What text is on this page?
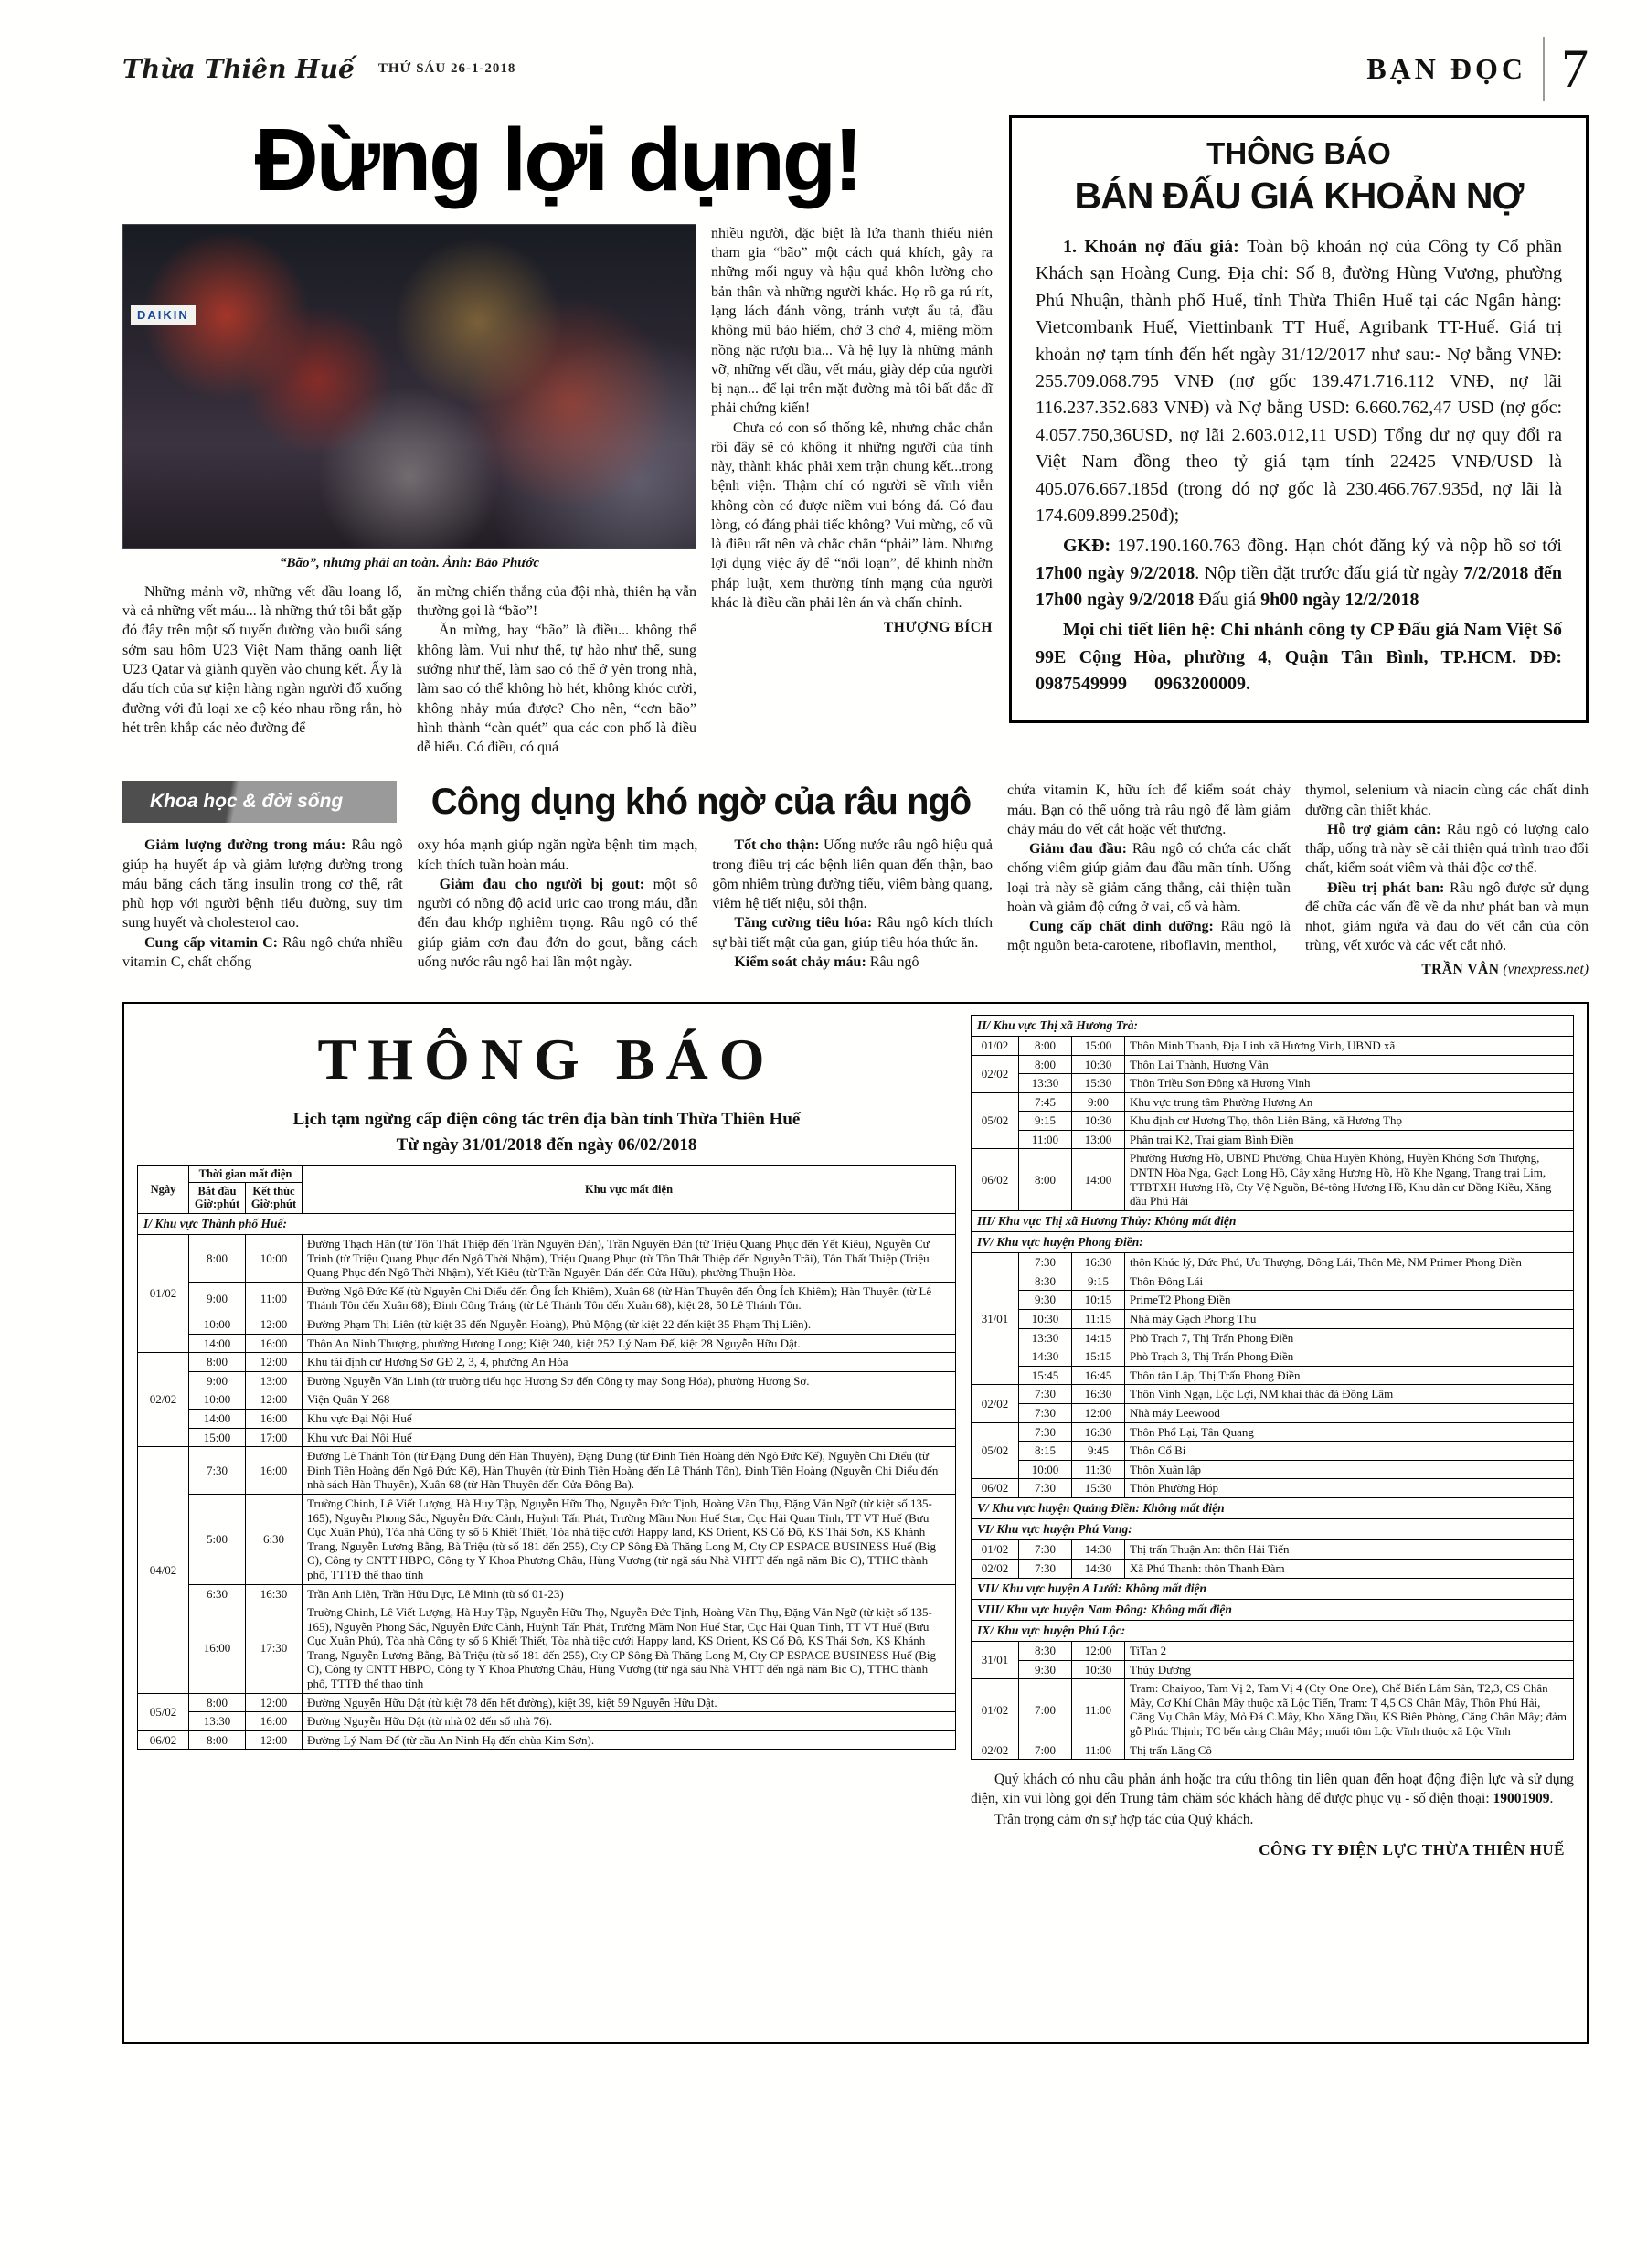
Thừa Thiên Huế THỨ SÁU 26-1-2018	BẠN ĐỌC 7
Đừng lợi dụng!
DAIKIN
“Bão”, nhưng phải an toàn. Ảnh: Bảo Phước

Những mảnh vỡ, những vết dầu loang lổ, và cả những vết máu... là những thứ tôi bắt gặp đó đây trên một số tuyến đường vào buổi sáng sớm sau hôm U23 Việt Nam thắng oanh liệt U23 Qatar và giành quyền vào chung kết. Ấy là dấu tích của sự kiện hàng ngàn người đổ xuống đường với đủ loại xe cộ kéo nhau rồng rắn, hò hét trên khắp các nẻo đường để

ăn mừng chiến thắng của đội nhà, thiên hạ vẫn thường gọi là “bão”!

Ăn mừng, hay “bão” là điều... không thể không làm. Vui như thế, tự hào như thế, sung sướng như thế, làm sao có thể ở yên trong nhà, làm sao có thể không hò hét, không khóc cười, không nhảy múa được? Cho nên, “cơn bão” hình thành “càn quét” qua các con phố là điều dễ hiểu. Có điều, có quá

nhiều người, đặc biệt là lứa thanh thiếu niên tham gia “bão” một cách quá khích, gây ra những mối nguy và hậu quả khôn lường cho bản thân và những người khác. Họ rồ ga rú rít, lạng lách đánh võng, tránh vượt ẩu tả, đầu không mũ bảo hiểm, chở 3 chở 4, miệng mồm nồng nặc rượu bia... Và hệ lụy là những mảnh vỡ, những vết dầu, vết máu, giày dép của người bị nạn... để lại trên mặt đường mà tôi bất đắc dĩ phải chứng kiến!

Chưa có con số thống kê, nhưng chắc chắn rồi đây sẽ có không ít những người của tỉnh này, thành khác phải xem trận chung kết...trong bệnh viện. Thậm chí có người sẽ vĩnh viễn không còn có được niềm vui bóng đá. Có đau lòng, có đáng phải tiếc không? Vui mừng, cổ vũ là điều rất nên và chắc chắn “phải” làm. Nhưng lợi dụng việc ấy để “nổi loạn”, để khinh nhờn pháp luật, xem thường tính mạng của người khác là điều cần phải lên án và chấn chỉnh.

THƯỢNG BÍCH
THÔNG BÁO
BÁN ĐẤU GIÁ KHOẢN NỢ

1. Khoản nợ đấu giá: Toàn bộ khoản nợ của Công ty Cổ phần Khách sạn Hoàng Cung. Địa chỉ: Số 8, đường Hùng Vương, phường Phú Nhuận, thành phố Huế, tỉnh Thừa Thiên Huế tại các Ngân hàng: Vietcombank Huế, Viettinbank TT Huế, Agribank TT-Huế. Giá trị khoản nợ tạm tính đến hết ngày 31/12/2017 như sau:- Nợ bằng VNĐ: 255.709.068.795 VNĐ (nợ gốc 139.471.716.112 VNĐ, nợ lãi 116.237.352.683 VNĐ) và Nợ bằng USD: 6.660.762,47 USD (nợ gốc: 4.057.750,36USD, nợ lãi 2.603.012,11 USD) Tổng dư nợ quy đổi ra Việt Nam đồng theo tỷ giá tạm tính 22425 VNĐ/USD là 405.076.667.185đ (trong đó nợ gốc là 230.466.767.935đ, nợ lãi là 174.609.899.250đ);

GKĐ: 197.190.160.763 đồng. Hạn chót đăng ký và nộp hồ sơ tới 17h00 ngày 9/2/2018. Nộp tiền đặt trước đấu giá từ ngày 7/2/2018 đến 17h00 ngày 9/2/2018 Đấu giá 9h00 ngày 12/2/2018

Mọi chi tiết liên hệ: Chi nhánh công ty CP Đấu giá Nam Việt Số 99E Cộng Hòa, phường 4, Quận Tân Bình, TP.HCM. DĐ: 0987549999      0963200009.

Khoa học & đời sống	Công dụng khó ngờ của râu ngô

Giảm lượng đường trong máu: Râu ngô giúp hạ huyết áp và giảm lượng đường trong máu bằng cách tăng insulin trong cơ thể, rất phù hợp với người bệnh tiểu đường, suy tim sung huyết và cholesterol cao.

Cung cấp vitamin C: Râu ngô chứa nhiều vitamin C, chất chống

oxy hóa mạnh giúp ngăn ngừa bệnh tim mạch, kích thích tuần hoàn máu.

Giảm đau cho người bị gout: một số người có nồng độ acid uric cao trong máu, dẫn đến đau khớp nghiêm trọng. Râu ngô có thể giúp giảm cơn đau đớn do gout, bằng cách uống nước râu ngô hai lần một ngày.

Tốt cho thận: Uống nước râu ngô hiệu quả trong điều trị các bệnh liên quan đến thận, bao gồm nhiễm trùng đường tiểu, viêm bàng quang, viêm hệ tiết niệu, sỏi thận.

Tăng cường tiêu hóa: Râu ngô kích thích sự bài tiết mật của gan, giúp tiêu hóa thức ăn.

Kiểm soát chảy máu: Râu ngô

chứa vitamin K, hữu ích để kiểm soát chảy máu. Bạn có thể uống trà râu ngô để làm giảm chảy máu do vết cắt hoặc vết thương.

Giảm đau đầu: Râu ngô có chứa các chất chống viêm giúp giảm đau đầu mãn tính. Uống loại trà này sẽ giảm căng thẳng, cải thiện tuần hoàn và giảm độ cứng ở vai, cổ và hàm.

Cung cấp chất dinh dưỡng: Râu ngô là một nguồn beta-carotene, riboflavin, menthol,

thymol, selenium và niacin cùng các chất dinh dưỡng cần thiết khác.

Hỗ trợ giảm cân: Râu ngô có lượng calo thấp, uống trà này sẽ cải thiện quá trình trao đổi chất, kiểm soát viêm và thải độc cơ thể.

Điều trị phát ban: Râu ngô được sử dụng để chữa các vấn đề về da như phát ban và mụn nhọt, giảm ngứa và đau do vết cắn của côn trùng, vết xước và các vết cắt nhỏ.

TRẦN VÂN (vnexpress.net)
THÔNG BÁO

Lịch tạm ngừng cấp điện công tác trên địa bàn tỉnh Thừa Thiên Huế

Từ ngày 31/01/2018 đến ngày 06/02/2018

Ngày	Thời gian mất điện		Khu vực mất điện
	Bắt đầu Giờ:phút	Kết thúc Giờ:phút	
I/ Khu vực Thành phố Huế:			
01/02	8:00	10:00	Đường Thạch Hãn (từ Tôn Thất Thiệp đến Trần Nguyên Đán), Trần Nguyên Đán (từ Triệu Quang Phục đến Yết Kiêu), Nguyễn Cư Trinh (từ Triệu Quang Phục đến Ngô Thời Nhậm), Triệu Quang Phục (từ Tôn Thất Thiệp đến Nguyễn Trãi), Tôn Thất Thiệp (Triệu Quang Phục đến Ngô Thời Nhậm), Yết Kiêu (từ Trần Nguyên Đán đến Cửa Hữu), phường Thuận Hòa.
	9:00	11:00	Đường Ngô Đức Kế (từ Nguyễn Chi Diểu đến Ông Ích Khiêm), Xuân 68 (từ Hàn Thuyên đến Ông Ích Khiêm); Hàn Thuyên (từ Lê Thánh Tôn đến Xuân 68); Đinh Công Tráng (từ Lê Thánh Tôn đến Xuân 68), kiệt 28, 50 Lê Thánh Tôn.
	10:00	12:00	Đường Phạm Thị Liên (từ kiệt 35 đến Nguyễn Hoàng), Phủ Mộng (từ kiệt 22 đến kiệt 35 Phạm Thị Liên).
	14:00	16:00	Thôn An Ninh Thượng, phường Hương Long; Kiệt 240, kiệt 252 Lý Nam Đế, kiệt 28 Nguyễn Hữu Dật.
02/02	8:00	12:00	Khu tái định cư Hương Sơ GĐ 2, 3, 4, phường An Hòa
	9:00	13:00	Đường Nguyễn Văn Linh (từ trường tiểu học Hương Sơ đến Công ty may Song Hóa), phường Hương Sơ.
	10:00	12:00	Viện Quân Y 268
	14:00	16:00	Khu vực Đại Nội Huế
	15:00	17:00	Khu vực Đại Nội Huế
04/02	7:30	16:00	Đường Lê Thánh Tôn (từ Đặng Dung đến Hàn Thuyên), Đặng Dung (từ Đinh Tiên Hoàng đến Ngô Đức Kế), Nguyễn Chi Diểu (từ Đinh Tiên Hoàng đến Ngô Đức Kế), Hàn Thuyên (từ Đinh Tiên Hoàng đến Lê Thánh Tôn), Đinh Tiên Hoàng (Nguyễn Chi Diểu đến nhà sách Hàn Thuyên), Xuân 68 (từ Hàn Thuyên đến Cửa Đông Ba).
	5:00	6:30	Trường Chinh, Lê Viết Lượng, Hà Huy Tập, Nguyễn Hữu Thọ, Nguyễn Đức Tịnh, Hoàng Văn Thụ, Đặng Văn Ngữ (từ kiệt số 135-165), Nguyễn Phong Sắc, Nguyễn Đức Cảnh, Huỳnh Tấn Phát, Trường Mầm Non Huế Star, Cục Hải Quan Tỉnh, TT VT Huế (Bưu Cục Xuân Phú), Tòa nhà Công ty số 6 Khiết Thiết, Tòa nhà tiệc cưới Happy land, KS Orient, KS Cố Đô, KS Thái Sơn, KS Khánh Trang, Nguyễn Lương Bằng, Bà Triệu (từ số 181 đến 255), Cty CP Sông Đà Thăng Long M, Cty CP ESPACE BUSINESS Huế (Big C), Công ty CNTT HBPO, Công ty Y Khoa Phương Châu, Hùng Vương (từ ngã sáu Nhà VHTT đến ngã năm Bic C), TTHC thành phố, TTTĐ thể thao tỉnh
	6:30	16:30	Trần Anh Liên, Trần Hữu Dực, Lê Minh (từ số 01-23)
	16:00	17:30	Trường Chinh, Lê Viết Lượng, Hà Huy Tập, Nguyễn Hữu Thọ, Nguyễn Đức Tịnh, Hoàng Văn Thụ, Đặng Văn Ngữ (từ kiệt số 135-165), Nguyễn Phong Sắc, Nguyễn Đức Cảnh, Huỳnh Tấn Phát, Trường Mầm Non Huế Star, Cục Hải Quan Tỉnh, TT VT Huế (Bưu Cục Xuân Phú), Tòa nhà Công ty số 6 Khiết Thiết, Tòa nhà tiệc cưới Happy land, KS Orient, KS Cố Đô, KS Thái Sơn, KS Khánh Trang, Nguyễn Lương Bằng, Bà Triệu (từ số 181 đến 255), Cty CP Sông Đà Thăng Long M, Cty CP ESPACE BUSINESS Huế (Big C), Công ty CNTT HBPO, Công ty Y Khoa Phương Châu, Hùng Vương (từ ngã sáu Nhà VHTT đến ngã năm Bic C), TTHC thành phố, TTTĐ thể thao tỉnh
05/02	8:00	12:00	Đường Nguyễn Hữu Dật (từ kiệt 78 đến hết đường), kiệt 39, kiệt 59 Nguyễn Hữu Dật.
	13:30	16:00	Đường Nguyễn Hữu Dật (từ nhà 02 đến số nhà 76).
06/02	8:00	12:00	Đường Lý Nam Đế (từ cầu An Ninh Hạ đến chùa Kim Sơn).
II/ Khu vực Thị xã Hương Trà:			
01/02	8:00	15:00	Thôn Minh Thanh, Địa Linh xã Hương Vinh, UBND xã
02/02	8:00	10:30	Thôn Lại Thành, Hương Vân
	13:30	15:30	Thôn Triều Sơn Đông xã Hương Vinh
05/02	7:45	9:00	Khu vực trung tâm Phường Hương An
	9:15	10:30	Khu định cư Hương Thọ, thôn Liên Bằng, xã Hương Thọ
	11:00	13:00	Phân trại K2, Trại giam Bình Điền
06/02	8:00	14:00	Phường Hương Hồ, UBND Phường, Chùa Huyền Không, Huyền Không Sơn Thượng, DNTN Hòa Nga, Gạch Long Hồ, Cây xăng Hương Hồ, Hồ Khe Ngang, Trang trại Lim, TTBTXH Hương Hồ, Cty Vệ Nguồn, Bê-tông Hương Hồ, Khu dân cư Đồng Kiều, Xăng dầu Phú Hải
III/ Khu vực Thị xã Hương Thủy: Không mất điện			
IV/ Khu vực huyện Phong Điền:			
31/01	7:30	16:30	thôn Khúc lý, Đức Phú, Ưu Thượng, Đông Lái, Thôn Mè, NM Primer Phong Điền
	8:30	9:15	Thôn Đông Lái
	9:30	10:15	PrimeT2 Phong Điền
	10:30	11:15	Nhà máy Gạch Phong Thu
	13:30	14:15	Phò Trạch 7, Thị Trấn Phong Điền
	14:30	15:15	Phò Trạch 3, Thị Trấn Phong Điền
	15:45	16:45	Thôn tân Lập, Thị Trấn Phong Điền
02/02	7:30	16:30	Thôn Vinh Ngạn, Lộc Lợi, NM khai thác đá Đồng Lâm
	7:30	12:00	Nhà máy Leewood
05/02	7:30	16:30	Thôn Phổ Lại, Tân Quang
	8:15	9:45	Thôn Cổ Bi
	10:00	11:30	Thôn Xuân lập
06/02	7:30	15:30	Thôn Phường Hóp
V/ Khu vực huyện Quảng Điền: Không mất điện			
VI/ Khu vực huyện Phú Vang:			
01/02	7:30	14:30	Thị trấn Thuận An: thôn Hải Tiến
02/02	7:30	14:30	Xã Phú Thanh: thôn Thanh Đàm
VII/ Khu vực huyện A Lưới: Không mất điện			
VIII/ Khu vực huyện Nam Đông: Không mất điện			
IX/ Khu vực huyện Phú Lộc:			
31/01	8:30	12:00	TiTan 2
	9:30	10:30	Thủy Dương
01/02	7:00	11:00	Tram: Chaiyoo, Tam Vị 2, Tam Vị 4 (Cty One One), Chế Biến Lâm Sản, T2,3, CS Chân Mây, Cơ Khí Chân Mây thuộc xã Lộc Tiến, Tram: T 4,5 CS Chân Mây, Thôn Phú Hải, Căng Vụ Chân Mây, Mỏ Đá C.Mây, Kho Xăng Dầu, KS Biên Phòng, Căng Chân Mây; đảm gỗ Phúc Thịnh; TC bến cảng Chân Mây; muối tôm Lộc Vĩnh thuộc xã Lộc Vĩnh
02/02	7:00	11:00	Thị trấn Lăng Cô

Quý khách có nhu cầu phản ánh hoặc tra cứu thông tin liên quan đến hoạt động điện lực và sử dụng điện, xin vui lòng gọi đến Trung tâm chăm sóc khách hàng để được phục vụ - số điện thoại: 19001909.

Trân trọng cảm ơn sự hợp tác của Quý khách.

CÔNG TY ĐIỆN LỰC THỪA THIÊN HUẾ
